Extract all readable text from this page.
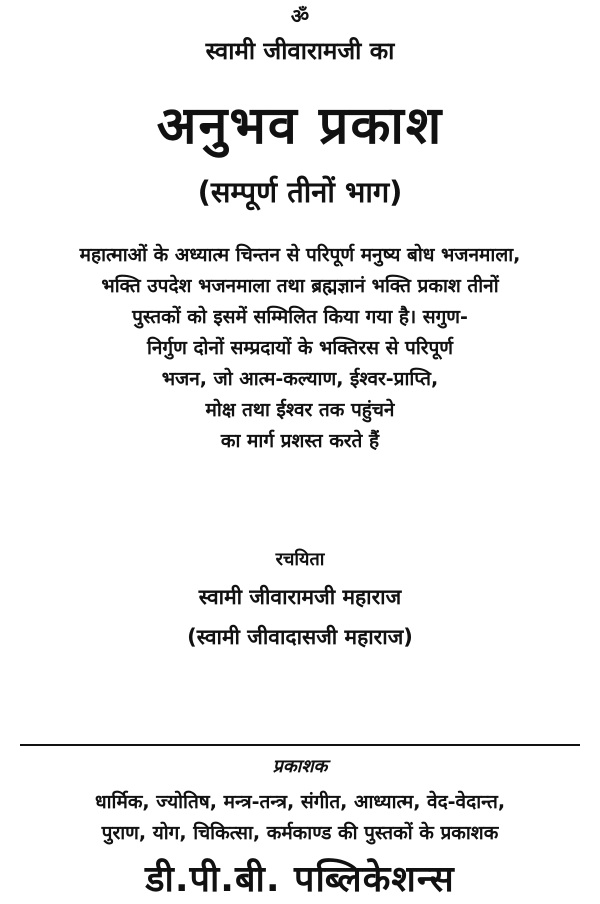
ॐ
स्वामी जीवारामजी का
अनुभव प्रकाश
(सम्पूर्ण तीनों भाग)
महात्माओं के अध्यात्म चिन्तन से परिपूर्ण मनुष्य बोध भजनमाला,
भक्ति उपदेश भजनमाला तथा ब्रह्मज्ञानं भक्ति प्रकाश तीनों
पुस्तकों को इसमें सम्मिलित किया गया है। सगुण-
निर्गुण दोनों सम्प्रदायों के भक्तिरस से परिपूर्ण
भजन, जो आत्म-कल्याण, ईश्वर-प्राप्ति,
मोक्ष तथा ईश्वर तक पहुंचने
का मार्ग प्रशस्त करते हैं
रचयिता
स्वामी जीवारामजी महाराज
(स्वामी जीवादासजी महाराज)
प्रकाशक
धार्मिक, ज्योतिष, मन्त्र-तन्त्र, संगीत, आध्यात्म, वेद-वेदान्त,
पुराण, योग, चिकित्सा, कर्मकाण्ड की पुस्तकों के प्रकाशक
डी.पी.बी. पब्लिकेशन्स
